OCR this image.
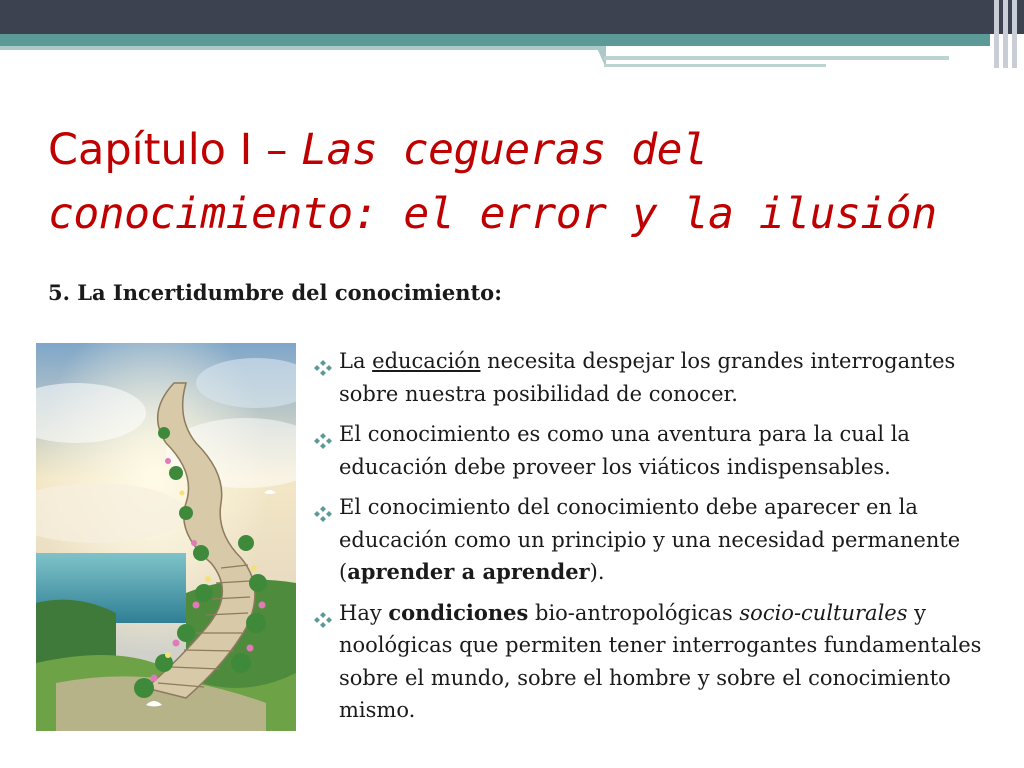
Capítulo I – Las cegueras del conocimiento: el error y la ilusión
5. La Incertidumbre del conocimiento:
La educación necesita despejar los grandes interrogantes sobre nuestra posibilidad de conocer.
El conocimiento es como una aventura para la cual la educación debe proveer los viáticos indispensables.
El conocimiento del conocimiento debe aparecer en la educación como un principio y una necesidad permanente (aprender a aprender).
Hay condiciones bio-antropológicas socio-culturales y noológicas que permiten tener interrogantes fundamentales sobre el mundo, sobre el hombre y sobre el conocimiento mismo.
